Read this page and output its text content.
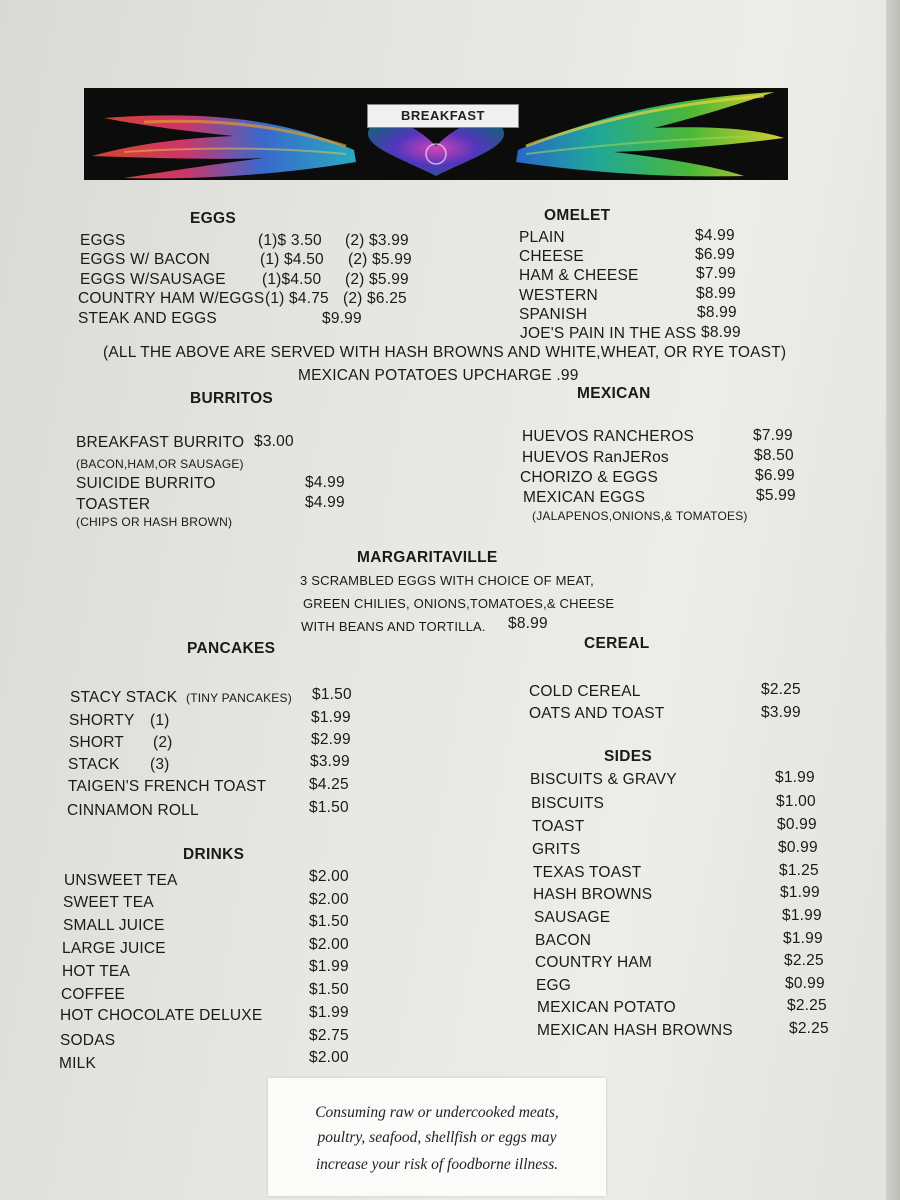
BREAKFAST
EGGS
EGGS	(1)$ 3.50 (2) $3.99
EGGS W/ BACON	(1) $4.50 (2) $5.99
EGGS W/SAUSAGE (1)$4.50 (2) $5.99
COUNTRY HAM W/EGGS (1) $4.75 (2) $6.25
STEAK AND EGGS	$9.99
OMELET
PLAIN	$4.99
CHEESE	$6.99
HAM & CHEESE	$7.99
WESTERN	$8.99
SPANISH	$8.99
JOE'S PAIN IN THE ASS $8.99
(ALL THE ABOVE ARE SERVED WITH HASH BROWNS AND WHITE,WHEAT, OR RYE TOAST)
MEXICAN POTATOES UPCHARGE .99
BURRITOS
BREAKFAST BURRITO $3.00
(BACON,HAM,OR SAUSAGE)
SUICIDE BURRITO	$4.99
TOASTER	$4.99
(CHIPS OR HASH BROWN)
MEXICAN
HUEVOS RANCHEROS	$7.99
HUEVOS RanJERos	$8.50
CHORIZO & EGGS	$6.99
MEXICAN EGGS	$5.99
(JALAPENOS,ONIONS,& TOMATOES)
MARGARITAVILLE
3 SCRAMBLED EGGS WITH CHOICE OF MEAT,
GREEN CHILIES, ONIONS,TOMATOES,& CHEESE
WITH BEANS AND TORTILLA. $8.99
PANCAKES
STACY STACK (TINY PANCAKES) $1.50
SHORTY (1)	$1.99
SHORT (2)	$2.99
STACK (3)	$3.99
TAIGEN'S FRENCH TOAST	$4.25
CINNAMON ROLL	$1.50
CEREAL
COLD CEREAL	$2.25
OATS AND TOAST	$3.99
SIDES
BISCUITS & GRAVY	$1.99
BISCUITS	$1.00
TOAST	$0.99
GRITS	$0.99
TEXAS TOAST	$1.25
HASH BROWNS	$1.99
SAUSAGE	$1.99
BACON	$1.99
COUNTRY HAM	$2.25
EGG	$0.99
MEXICAN POTATO	$2.25
MEXICAN HASH BROWNS	$2.25
DRINKS
UNSWEET TEA	$2.00
SWEET TEA	$2.00
SMALL JUICE	$1.50
LARGE JUICE	$2.00
HOT TEA	$1.99
COFFEE	$1.50
HOT CHOCOLATE DELUXE	$1.99
SODAS	$2.75
MILK	$2.00
Consuming raw or undercooked meats,
poultry, seafood, shellfish or eggs may
increase your risk of foodborne illness.
